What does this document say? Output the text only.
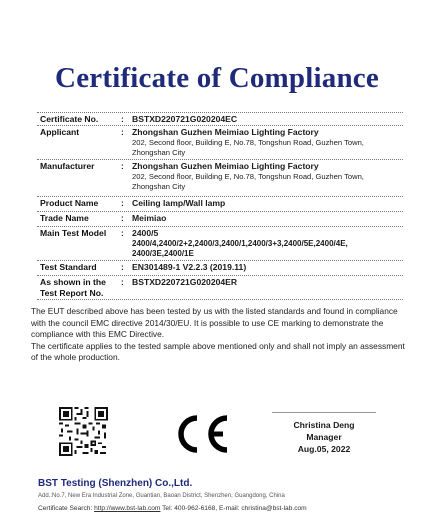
Certificate of Compliance
Certificate No.	: BSTXD220721G020204EC
Applicant	: Zhongshan Guzhen Meimiao Lighting Factory
202, Second floor, Building E, No.78, Tongshun Road, Guzhen Town, Zhongshan City
Manufacturer	: Zhongshan Guzhen Meimiao Lighting Factory
202, Second floor, Building E, No.78, Tongshun Road, Guzhen Town, Zhongshan City
Product Name	: Ceiling lamp/Wall lamp
Trade Name	: Meimiao
Main Test Model : 2400/5
2400/4,2400/2+2,2400/3,2400/1,2400/3+3,2400/5E,2400/4E, 2400/3E,2400/1E
Test Standard	: EN301489-1 V2.2.3 (2019.11)
As shown in the
Test Report No.
: BSTXD220721G020204ER
The EUT described above has been tested by us with the listed standards and found in compliance with the council EMC directive 2014/30/EU. It is possible to use CE marking to demonstrate the compliance with this EMC Directive.
The certificate applies to the tested sample above mentioned only and shall not imply an assessment of the whole production.
Christina Deng
Manager
Aug.05, 2022
BST Testing (Shenzhen) Co.,Ltd.
Add.:No.7, New Era Industrial Zone, Guantian, Baoan District, Shenzhen, Guangdong, China
Certificate Search: http://www.bst-lab.com Tel: 400-962-6168, E-mail: christina@bst-lab.com
